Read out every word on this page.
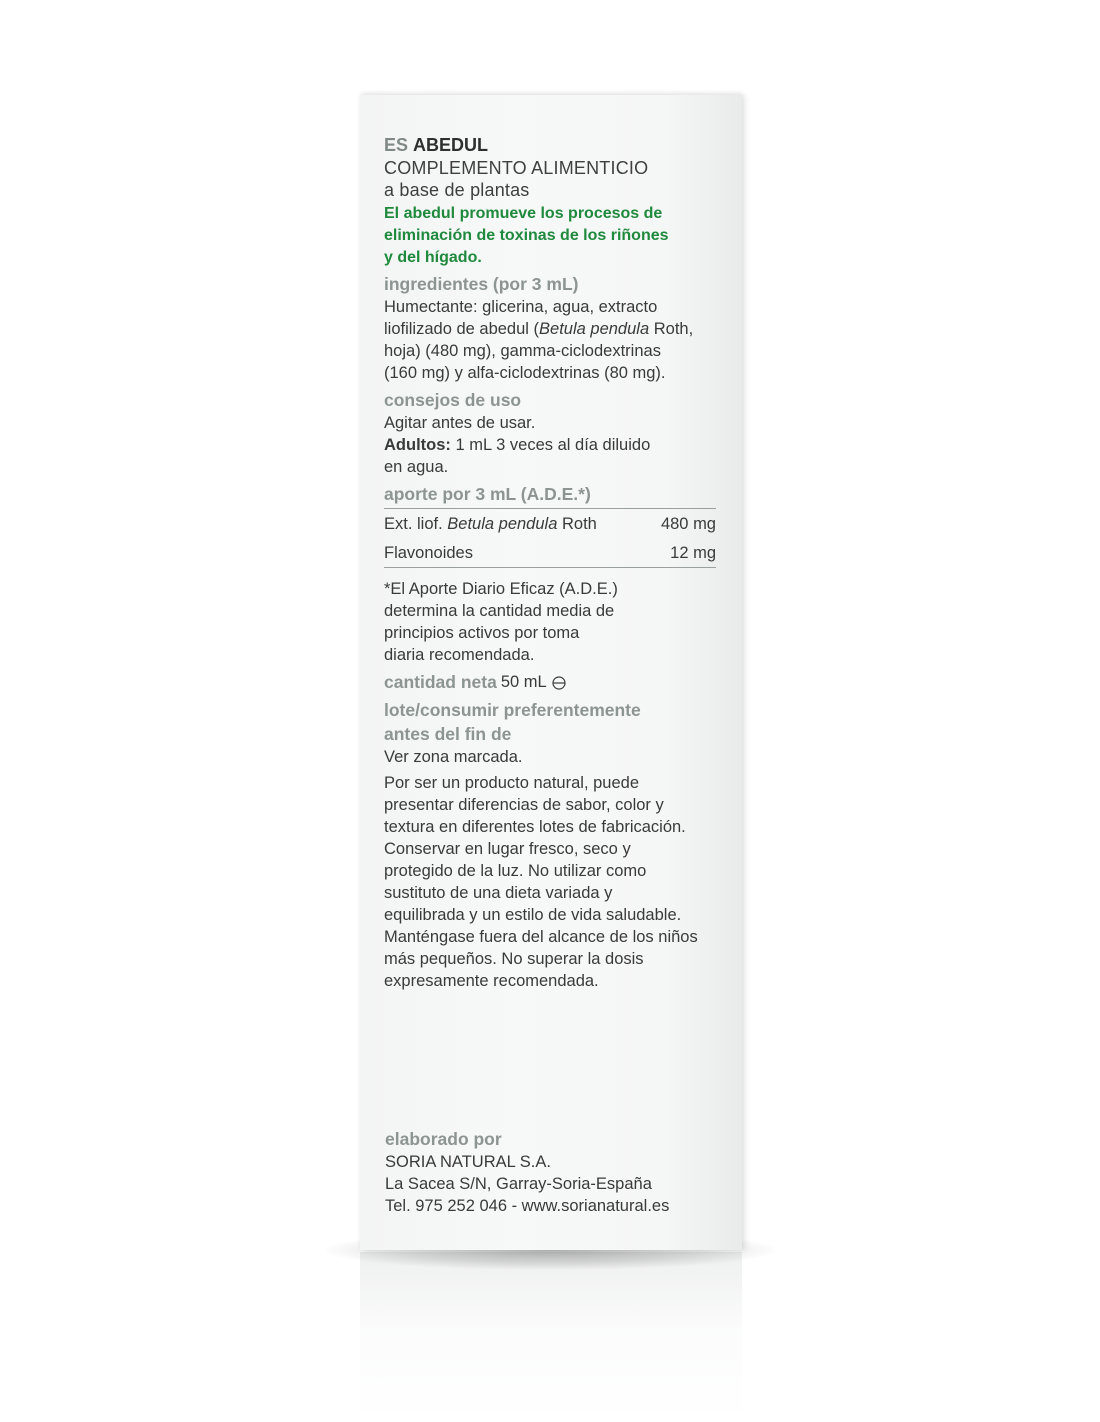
ES ABEDUL

COMPLEMENTO ALIMENTICIO

a base de plantas

El abedul promueve los procesos de
eliminación de toxinas de los riñones
y del hígado.

ingredientes (por 3 mL)

Humectante: glicerina, agua, extracto
liofilizado de abedul (Betula pendula Roth,
hoja) (480 mg), gamma-ciclodextrinas
(160 mg) y alfa-ciclodextrinas (80 mg).

consejos de uso

Agitar antes de usar.
Adultos: 1 mL 3 veces al día diluido
en agua.

aporte por 3 mL (A.D.E.*)

Ext. liof. Betula pendula Roth	480 mg
Flavonoides	12 mg
*El Aporte Diario Eficaz (A.D.E.)
determina la cantidad media de
principios activos por toma
diaria recomendada.
cantidad neta 50 mL

lote/consumir preferentemente
antes del fin de

Ver zona marcada.
Por ser un producto natural, puede
presentar diferencias de sabor, color y
textura en diferentes lotes de fabricación.
Conservar en lugar fresco, seco y
protegido de la luz. No utilizar como
sustituto de una dieta variada y
equilibrada y un estilo de vida saludable.
Manténgase fuera del alcance de los niños
más pequeños. No superar la dosis
expresamente recomendada.

elaborado por

SORIA NATURAL S.A.
La Sacea S/N, Garray-Soria-España
Tel. 975 252 046 - www.sorianatural.es
